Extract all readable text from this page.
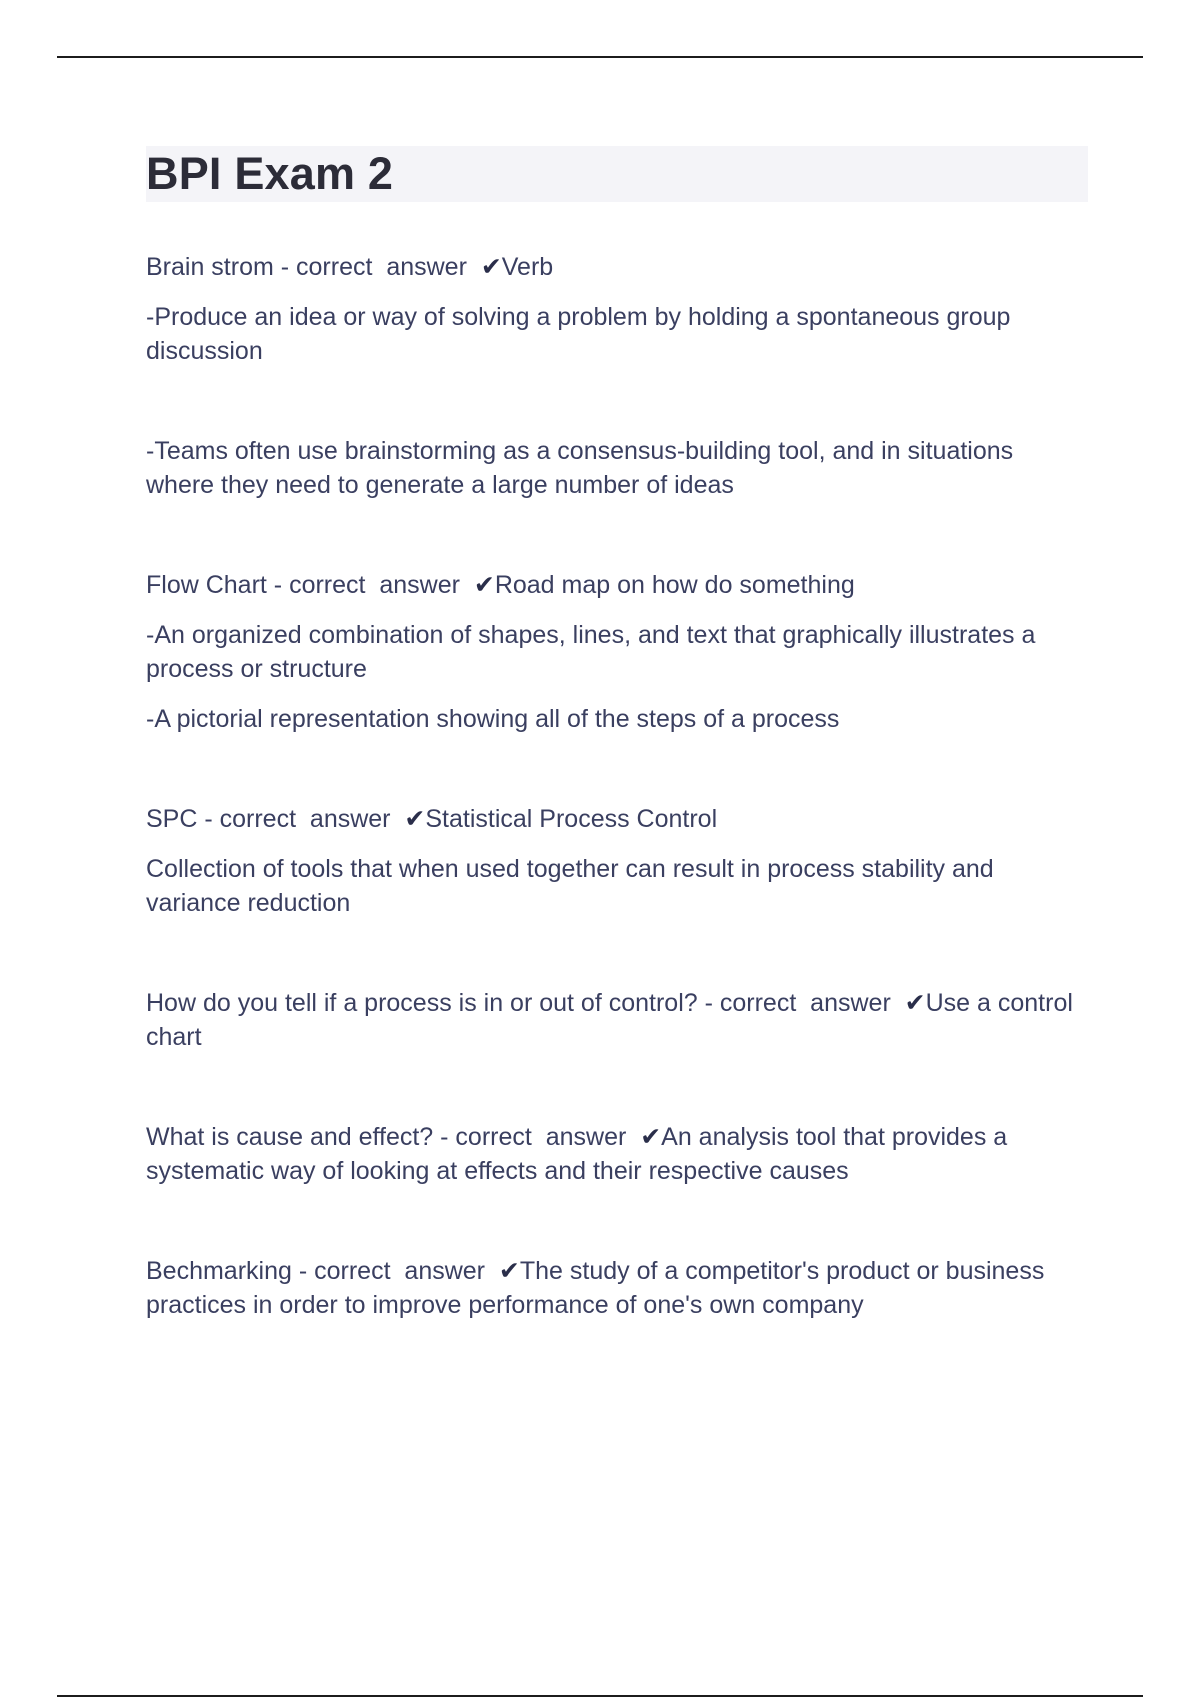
BPI Exam 2

Brain strom - correct  answer  ✔Verb

-Produce an idea or way of solving a problem by holding a spontaneous group discussion

-Teams often use brainstorming as a consensus-building tool, and in situations where they need to generate a large number of ideas

Flow Chart - correct  answer  ✔Road map on how do something

-An organized combination of shapes, lines, and text that graphically illustrates a process or structure

-A pictorial representation showing all of the steps of a process

SPC - correct  answer  ✔Statistical Process Control

Collection of tools that when used together can result in process stability and variance reduction

How do you tell if a process is in or out of control? - correct  answer  ✔Use a control chart

What is cause and effect? - correct  answer  ✔An analysis tool that provides a systematic way of looking at effects and their respective causes

Bechmarking - correct  answer  ✔The study of a competitor's product or business practices in order to improve performance of one's own company
